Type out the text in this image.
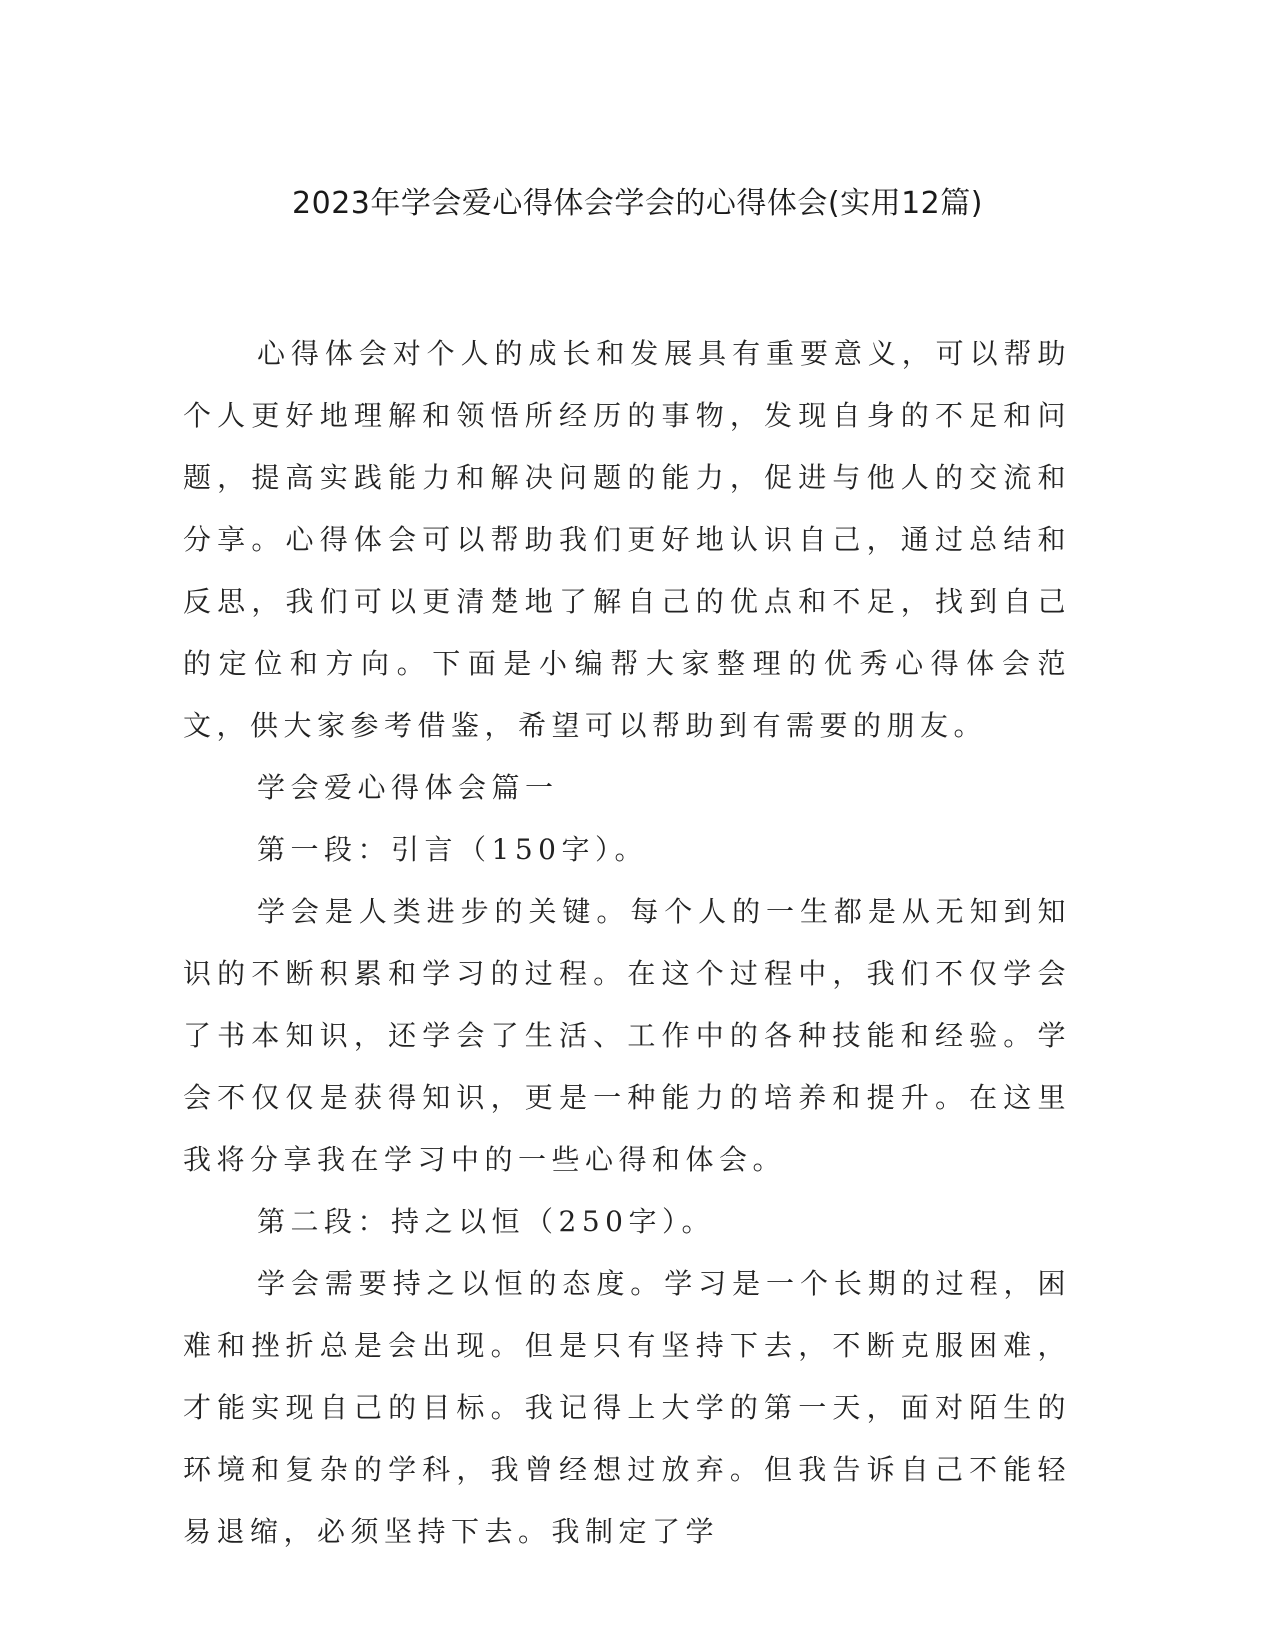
2023年学会爱心得体会学会的心得体会(实用12篇)

心得体会对个人的成长和发展具有重要意义，可以帮助个人更好地理解和领悟所经历的事物，发现自身的不足和问题，提高实践能力和解决问题的能力，促进与他人的交流和分享。心得体会可以帮助我们更好地认识自己，通过总结和反思，我们可以更清楚地了解自己的优点和不足，找到自己的定位和方向。下面是小编帮大家整理的优秀心得体会范文，供大家参考借鉴，希望可以帮助到有需要的朋友。

学会爱心得体会篇一

第一段：引言（150字）。

学会是人类进步的关键。每个人的一生都是从无知到知识的不断积累和学习的过程。在这个过程中，我们不仅学会了书本知识，还学会了生活、工作中的各种技能和经验。学会不仅仅是获得知识，更是一种能力的培养和提升。在这里我将分享我在学习中的一些心得和体会。

第二段：持之以恒（250字）。

学会需要持之以恒的态度。学习是一个长期的过程，困难和挫折总是会出现。但是只有坚持下去，不断克服困难，才能实现自己的目标。我记得上大学的第一天，面对陌生的环境和复杂的学科，我曾经想过放弃。但我告诉自己不能轻易退缩，必须坚持下去。我制定了学
